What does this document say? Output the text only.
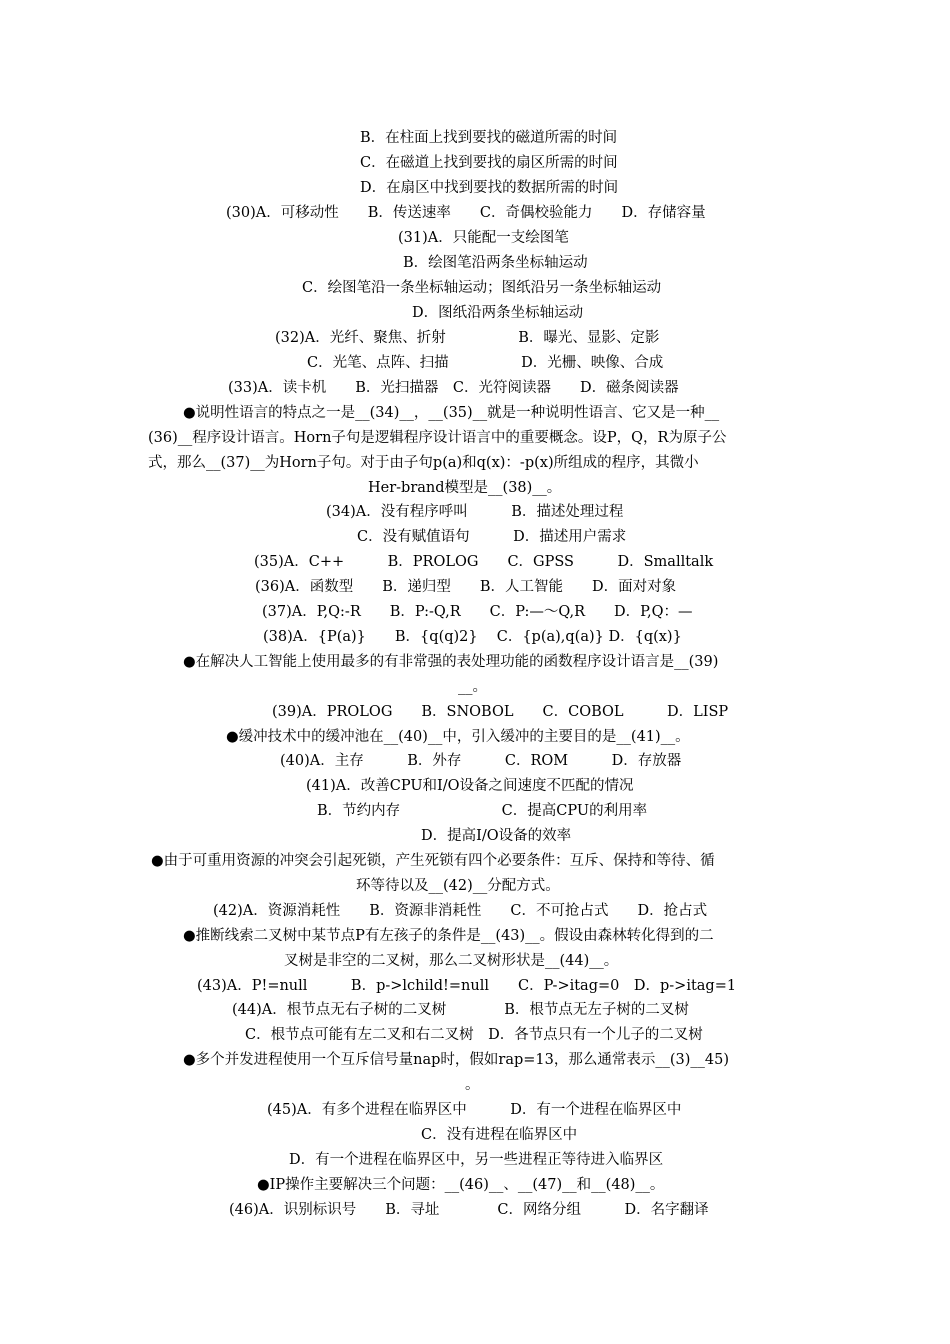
B．在柱面上找到要找的磁道所需的时间
C．在磁道上找到要找的扇区所需的时间
D．在扇区中找到要找的数据所需的时间
(30)A．可移动性　　B．传送速率　　C．奇偶校验能力　　D．存储容量
(31)A．只能配一支绘图笔
B．绘图笔沿两条坐标轴运动
C．绘图笔沿一条坐标轴运动；图纸沿另一条坐标轴运动
D．图纸沿两条坐标轴运动
(32)A．光纤、聚焦、折射　　　　　B．曝光、显影、定影
C．光笔、点阵、扫描　　　　　D．光栅、映像、合成
(33)A．读卡机　　B．光扫描器　C．光符阅读器　　D．磁条阅读器
●说明性语言的特点之一是__(34)__，__(35)__就是一种说明性语言、它又是一种__
(36)__程序设计语言。Horn子句是逻辑程序设计语言中的重要概念。设P，Q，R为原子公
式，那么__(37)__为Horn子句。对于由子句p(a)和q(x)：-p(x)所组成的程序，其微小
Her-brand模型是__(38)__。
(34)A．没有程序呼叫　　　B．描述处理过程
C．没有赋值语句　　　D．描述用户需求
(35)A．C++　　　B．PROLOG　　C．GPSS　　　D．Smalltalk
(36)A．函数型　　B．递归型　　B．人工智能　　D．面对对象
(37)A．P,Q:-R　　B．P:-Q,R　　C．P:—～Q,R　　D．P,Q：—
(38)A．{P(a)}　　B．{q(q)2}　 C．{p(a),q(a)} D．{q(x)}
●在解决人工智能上使用最多的有非常强的表处理功能的函数程序设计语言是__(39)
__。
(39)A．PROLOG　　B．SNOBOL　　C．COBOL　　　D．LISP
●缓冲技术中的缓冲池在__(40)__中，引入缓冲的主要目的是__(41)__。
(40)A．主存　　　B．外存　　　C．ROM　　　D．存放器
(41)A．改善CPU和I/O设备之间速度不匹配的情况
B．节约内存　　　　　　　C．提高CPU的利用率
D．提高I/O设备的效率
●由于可重用资源的冲突会引起死锁，产生死锁有四个必要条件：互斥、保持和等待、循
环等待以及__(42)__分配方式。
(42)A．资源消耗性　　B．资源非消耗性　　C．不可抢占式　　D．抢占式
●推断线索二叉树中某节点P有左孩子的条件是__(43)__。假设由森林转化得到的二
叉树是非空的二叉树，那么二叉树形状是__(44)__。
(43)A．P!=null　　　B．p->lchild!=null　　C．P->itag=0　D．p->itag=1
(44)A．根节点无右子树的二叉树　　　　B．根节点无左子树的二叉树
C．根节点可能有左二叉和右二叉树　D．各节点只有一个儿子的二叉树
●多个并发进程使用一个互斥信号量nap时，假如rap=13，那么通常表示__(3)__45)
。
(45)A．有多个进程在临界区中　　　D．有一个进程在临界区中
C．没有进程在临界区中
D．有一个进程在临界区中，另一些进程正等待进入临界区
●IP操作主要解决三个问题：__(46)__、__(47)__和__(48)__。
(46)A．识别标识号　　B．寻址　　　　C．网络分组　　　D．名字翻译
